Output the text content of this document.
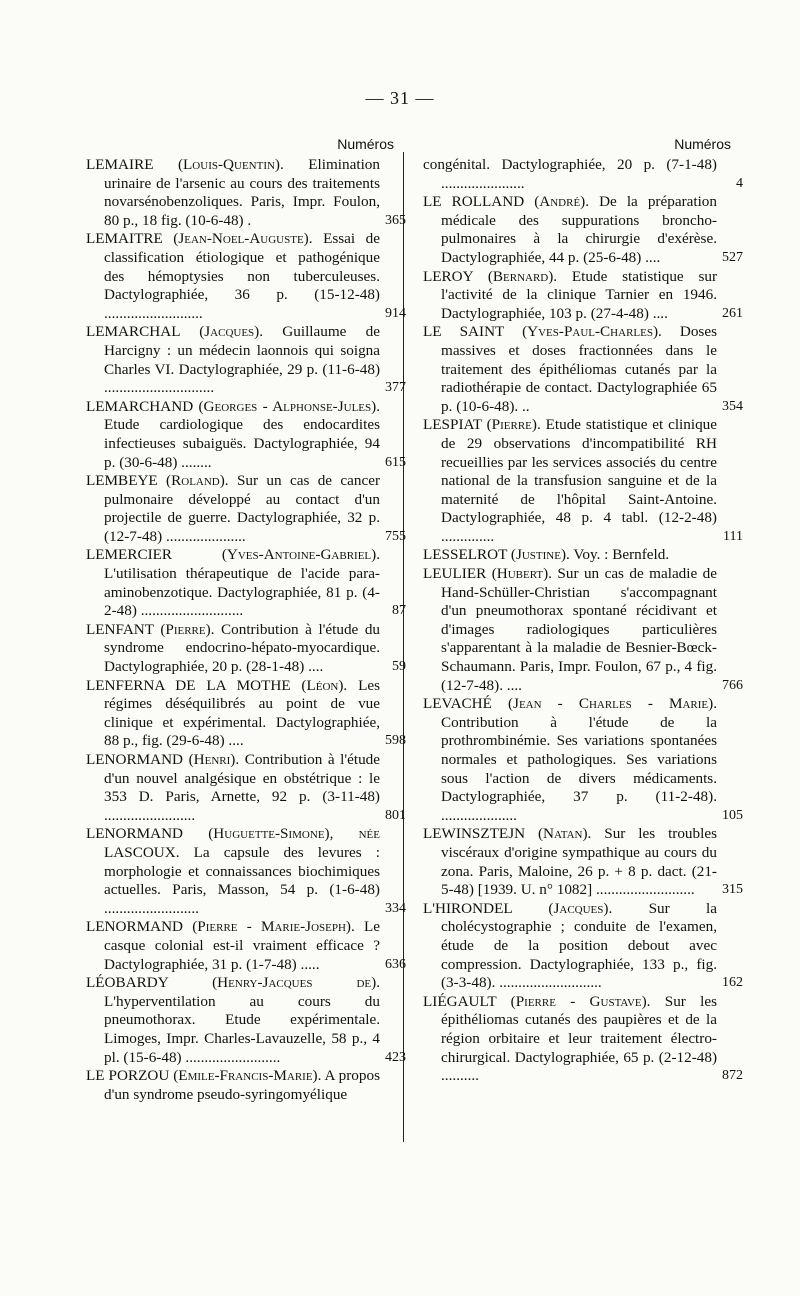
— 31 —
Numéros
LEMAIRE (Louis-Quentin). Elimination urinaire de l'arsenic au cours des traitements novarsénobenzoliques. Paris, Impr. Foulon, 80 p., 18 fig. (10-6-48) .	365
LEMAITRE (Jean-Noel-Auguste). Essai de classification étiologique et pathogénique des hémoptysies non tuberculeuses. Dactylographiée, 36 p. (15-12-48) ..........................	914
LEMARCHAL (Jacques). Guillaume de Harcigny : un médecin laonnois qui soigna Charles VI. Dactylographiée, 29 p. (11-6-48) .............................	377
LEMARCHAND (Georges - Alphonse-Jules). Etude cardiologique des endocardites infectieuses subaiguës. Dactylographiée, 94 p. (30-6-48) ........	615
LEMBEYE (Roland). Sur un cas de cancer pulmonaire développé au contact d'un projectile de guerre. Dactylographiée, 32 p. (12-7-48) .....................	755
LEMERCIER (Yves-Antoine-Gabriel). L'utilisation thérapeutique de l'acide para-aminobenzotique. Dactylographiée, 81 p. (4-2-48) ...........................	87
LENFANT (Pierre). Contribution à l'étude du syndrome endocrino-hépato-myocardique. Dactylographiée, 20 p. (28-1-48) ....	59
LENFERNA DE LA MOTHE (Léon). Les régimes déséquilibrés au point de vue clinique et expérimental. Dactylographiée, 88 p., fig. (29-6-48) ....	598
LENORMAND (Henri). Contribution à l'étude d'un nouvel analgésique en obstétrique : le 353 D. Paris, Arnette, 92 p. (3-11-48) ........................	801
LENORMAND (Huguette-Simone), née LASCOUX. La capsule des levures : morphologie et connaissances biochimiques actuelles. Paris, Masson, 54 p. (1-6-48) .........................	334
LENORMAND (Pierre - Marie-Joseph). Le casque colonial est-il vraiment efficace ? Dactylographiée, 31 p. (1-7-48) .....	636
LÉOBARDY (Henry-Jacques de). L'hyperventilation au cours du pneumothorax. Etude expérimentale. Limoges, Impr. Charles-Lavauzelle, 58 p., 4 pl. (15-6-48) .........................	423
LE PORZOU (Emile-Francis-Marie). A propos d'un syndrome pseudo-syringomyélique
Numéros
congénital. Dactylographiée, 20 p. (7-1-48) ......................	4
LE ROLLAND (André). De la préparation médicale des suppurations broncho-pulmonaires à la chirurgie d'exérèse. Dactylographiée, 44 p. (25-6-48) ....	527
LEROY (Bernard). Etude statistique sur l'activité de la clinique Tarnier en 1946. Dactylographiée, 103 p. (27-4-48) ....	261
LE SAINT (Yves-Paul-Charles). Doses massives et doses fractionnées dans le traitement des épithéliomas cutanés par la radiothérapie de contact. Dactylographiée 65 p. (10-6-48). ..	354
LESPIAT (Pierre). Etude statistique et clinique de 29 observations d'incompatibilité RH recueillies par les services associés du centre national de la transfusion sanguine et de la maternité de l'hôpital Saint-Antoine. Dactylographiée, 48 p. 4 tabl. (12-2-48) ..............	111
LESSELROT (Justine). Voy. : Bernfeld.
LEULIER (Hubert). Sur un cas de maladie de Hand-Schüller-Christian s'accompagnant d'un pneumothorax spontané récidivant et d'images radiologiques particulières s'apparentant à la maladie de Besnier-Bœck-Schaumann. Paris, Impr. Foulon, 67 p., 4 fig. (12-7-48). ....	766
LEVACHÉ (Jean - Charles - Marie). Contribution à l'étude de la prothrombinémie. Ses variations spontanées normales et pathologiques. Ses variations sous l'action de divers médicaments. Dactylographiée, 37 p. (11-2-48). ....................	105
LEWINSZTEJN (Natan). Sur les troubles viscéraux d'origine sympathique au cours du zona. Paris, Maloine, 26 p. + 8 p. dact. (21-5-48) [1939. U. n° 1082] .......................... 315
L'HIRONDEL (Jacques). Sur la cholécystographie ; conduite de l'examen, étude de la position debout avec compression. Dactylographiée, 133 p., fig. (3-3-48). ...........................	162
LIÉGAULT (Pierre - Gustave). Sur les épithéliomas cutanés des paupières et de la région orbitaire et leur traitement électro-chirurgical. Dactylographiée, 65 p. (2-12-48) ..........	872
